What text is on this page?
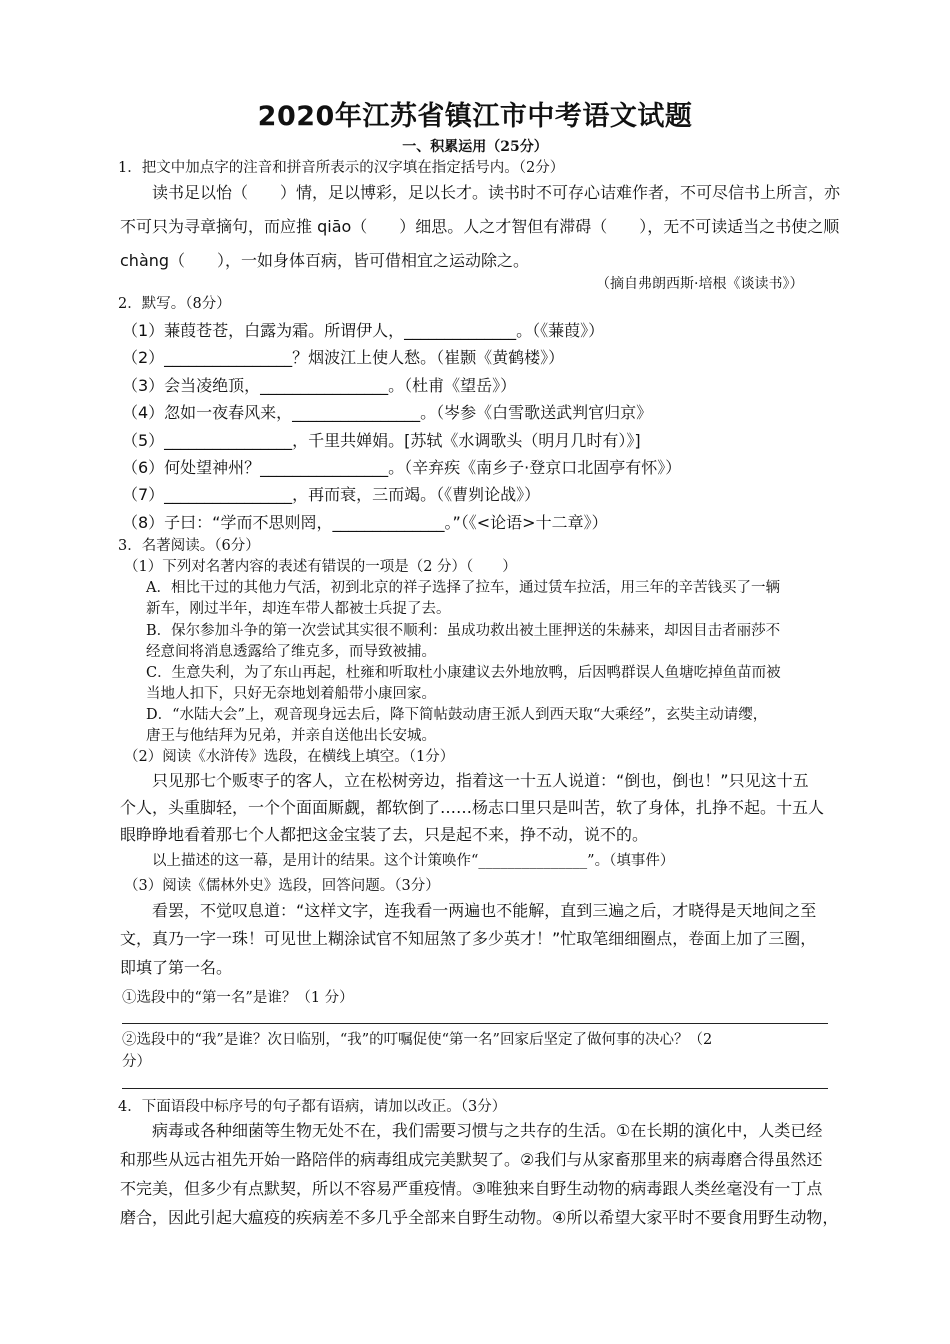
2020年江苏省镇江市中考语文试题
一、积累运用（25分）
1．把文中加点字的注音和拼音所表示的汉字填在指定括号内。（2分）
读书足以怡（　　）情，足以博彩，足以长才。读书时不可存心诘难作者，不可尽信书上所言，亦
不可只为寻章摘句，而应推 qiāo（　　）细思。人之才智但有滞碍（　　），无不可读适当之书使之顺
chàng（　　），一如身体百病，皆可借相宜之运动除之。
（摘自弗朗西斯·培根《谈读书》）
2．默写。（8分）
（1）蒹葭苍苍，白露为霜。所谓伊人，______________。（《蒹葭》）
（2）________________？烟波江上使人愁。（崔颢《黄鹤楼》）
（3）会当凌绝顶，________________。（杜甫《望岳》）
（4）忽如一夜春风来，________________。（岑参《白雪歌送武判官归京》
（5）________________，千里共婵娟。[苏轼《水调歌头（明月几时有）》]
（6）何处望神州？________________。（辛弃疾《南乡子·登京口北固亭有怀》）
（7）________________，再而衰，三而竭。（《曹刿论战》）
（8）子曰：“学而不思则罔，______________。”（《<论语>十二章》）
3．名著阅读。（6分）
（1）下列对名著内容的表述有错误的一项是（2 分）（　　）
A．相比干过的其他力气活，初到北京的祥子选择了拉车，通过赁车拉活，用三年的辛苦钱买了一辆
新车，刚过半年，却连车带人都被士兵捉了去。
B．保尔参加斗争的第一次尝试其实很不顺利：虽成功救出被土匪押送的朱赫来，却因目击者丽莎不
经意间将消息透露给了维克多，而导致被捕。
C．生意失利，为了东山再起，杜雍和听取杜小康建议去外地放鸭，后因鸭群误人鱼塘吃掉鱼苗而被
当地人扣下，只好无奈地划着船带小康回家。
D．“水陆大会”上，观音现身远去后，降下简帖鼓动唐王派人到西天取“大乘经”，玄奘主动请缨，
唐王与他结拜为兄弟，并亲自送他出长安城。
（2）阅读《水浒传》选段，在横线上填空。（1分）
只见那七个贩枣子的客人，立在松树旁边，指着这一十五人说道：“倒也，倒也！”只见这十五
个人，头重脚轻，一个个面面厮觑，都软倒了……杨志口里只是叫苦，软了身体，扎挣不起。十五人
眼睁睁地看着那七个人都把这金宝装了去，只是起不来，挣不动，说不的。
以上描述的这一幕，是用计的结果。这个计策唤作“_______________”。（填事件）
（3）阅读《儒林外史》选段，回答问题。（3分）
看罢，不觉叹息道：“这样文字，连我看一两遍也不能解，直到三遍之后，才晓得是天地间之至
文，真乃一字一珠！可见世上糊涂试官不知屈煞了多少英才！”忙取笔细细圈点，卷面上加了三圈，
即填了第一名。
①选段中的“第一名”是谁？（1 分）
②选段中的“我”是谁？次日临别，“我”的叮嘱促使“第一名”回家后坚定了做何事的决心？（2
分）
4．下面语段中标序号的句子都有语病，请加以改正。（3分）
病毒或各种细菌等生物无处不在，我们需要习惯与之共存的生活。①在长期的演化中，人类已经
和那些从远古祖先开始一路陪伴的病毒组成完美默契了。②我们与从家畜那里来的病毒磨合得虽然还
不完美，但多少有点默契，所以不容易严重疫情。③唯独来自野生动物的病毒跟人类丝毫没有一丁点
磨合，因此引起大瘟疫的疾病差不多几乎全部来自野生动物。④所以希望大家平时不要食用野生动物，
